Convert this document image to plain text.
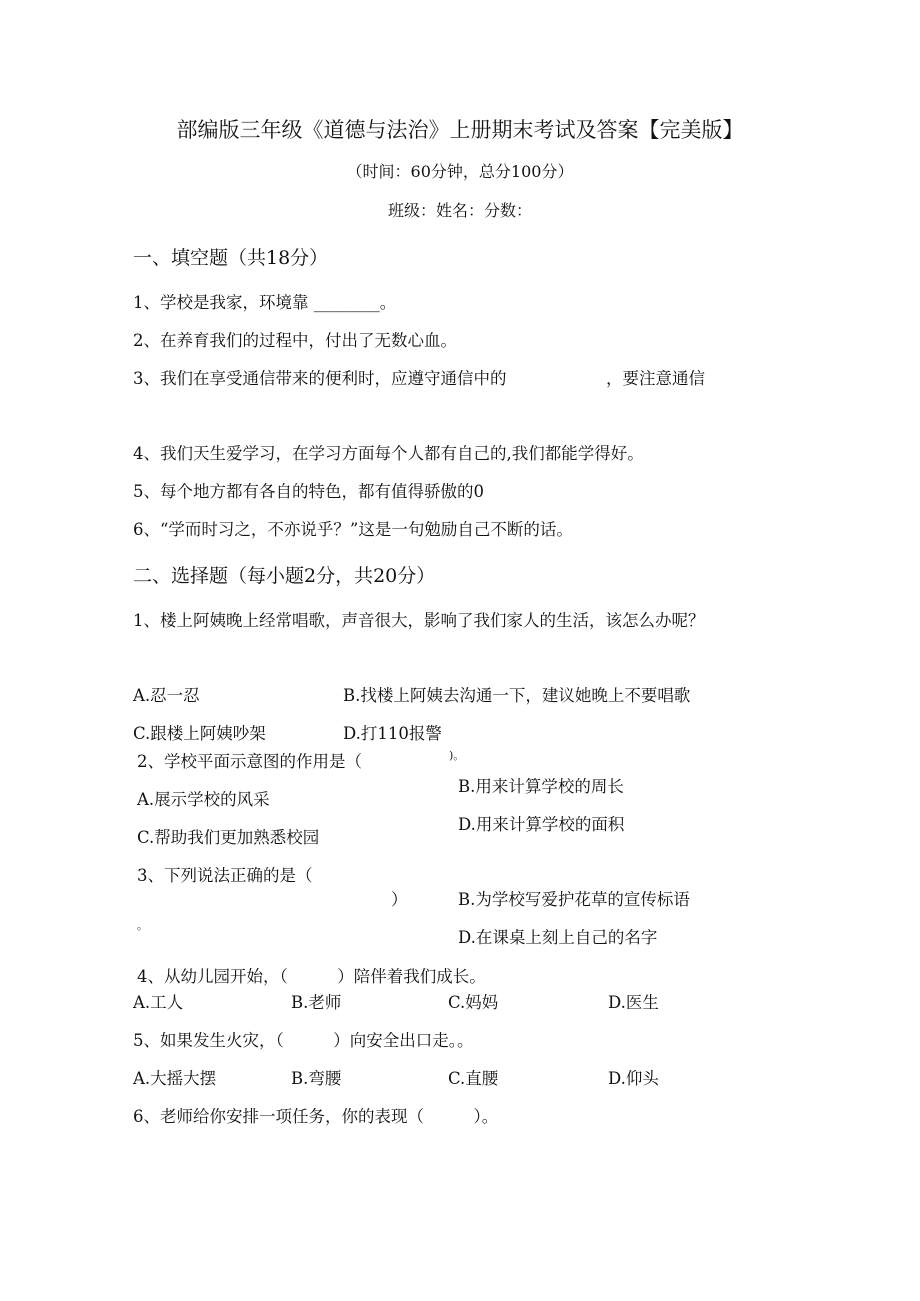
部编版三年级《道德与法治》上册期末考试及答案【完美版】
（时间：60分钟，总分100分）
班级：姓名：分数：
一、填空题（共18分）
1、学校是我家，环境靠 ________。
2、在养育我们的过程中，付出了无数心血。
3、我们在享受通信带来的便利时，应遵守通信中的	，要注意通信
4、我们天生爱学习，在学习方面每个人都有自己的,我们都能学得好。
5、每个地方都有各自的特色，都有值得骄傲的0
6、“学而时习之，不亦说乎？”这是一句勉励自己不断的话。
二、选择题（每小题2分，共20分）
1、楼上阿姨晚上经常唱歌，声音很大，影响了我们家人的生活，该怎么办呢？
A.忍一忍	B.找楼上阿姨去沟通一下，建议她晚上不要唱歌
C.跟楼上阿姨吵架	D.打110报警
2、学校平面示意图的作用是（	)。
B.用来计算学校的周长
A.展示学校的风采
D.用来计算学校的面积
C.帮助我们更加熟悉校园
3、下列说法正确的是（
）	B.为学校写爱护花草的宣传标语
。
D.在课桌上刻上自己的名字
4、从幼儿园开始，（　　　）陪伴着我们成长。
A.工人	B.老师	C.妈妈	D.医生
5、如果发生火灾，（　　　）向安全出口走。。
A.大摇大摆	B.弯腰	C.直腰	D.仰头
6、老师给你安排一项任务，你的表现（　　　）。
